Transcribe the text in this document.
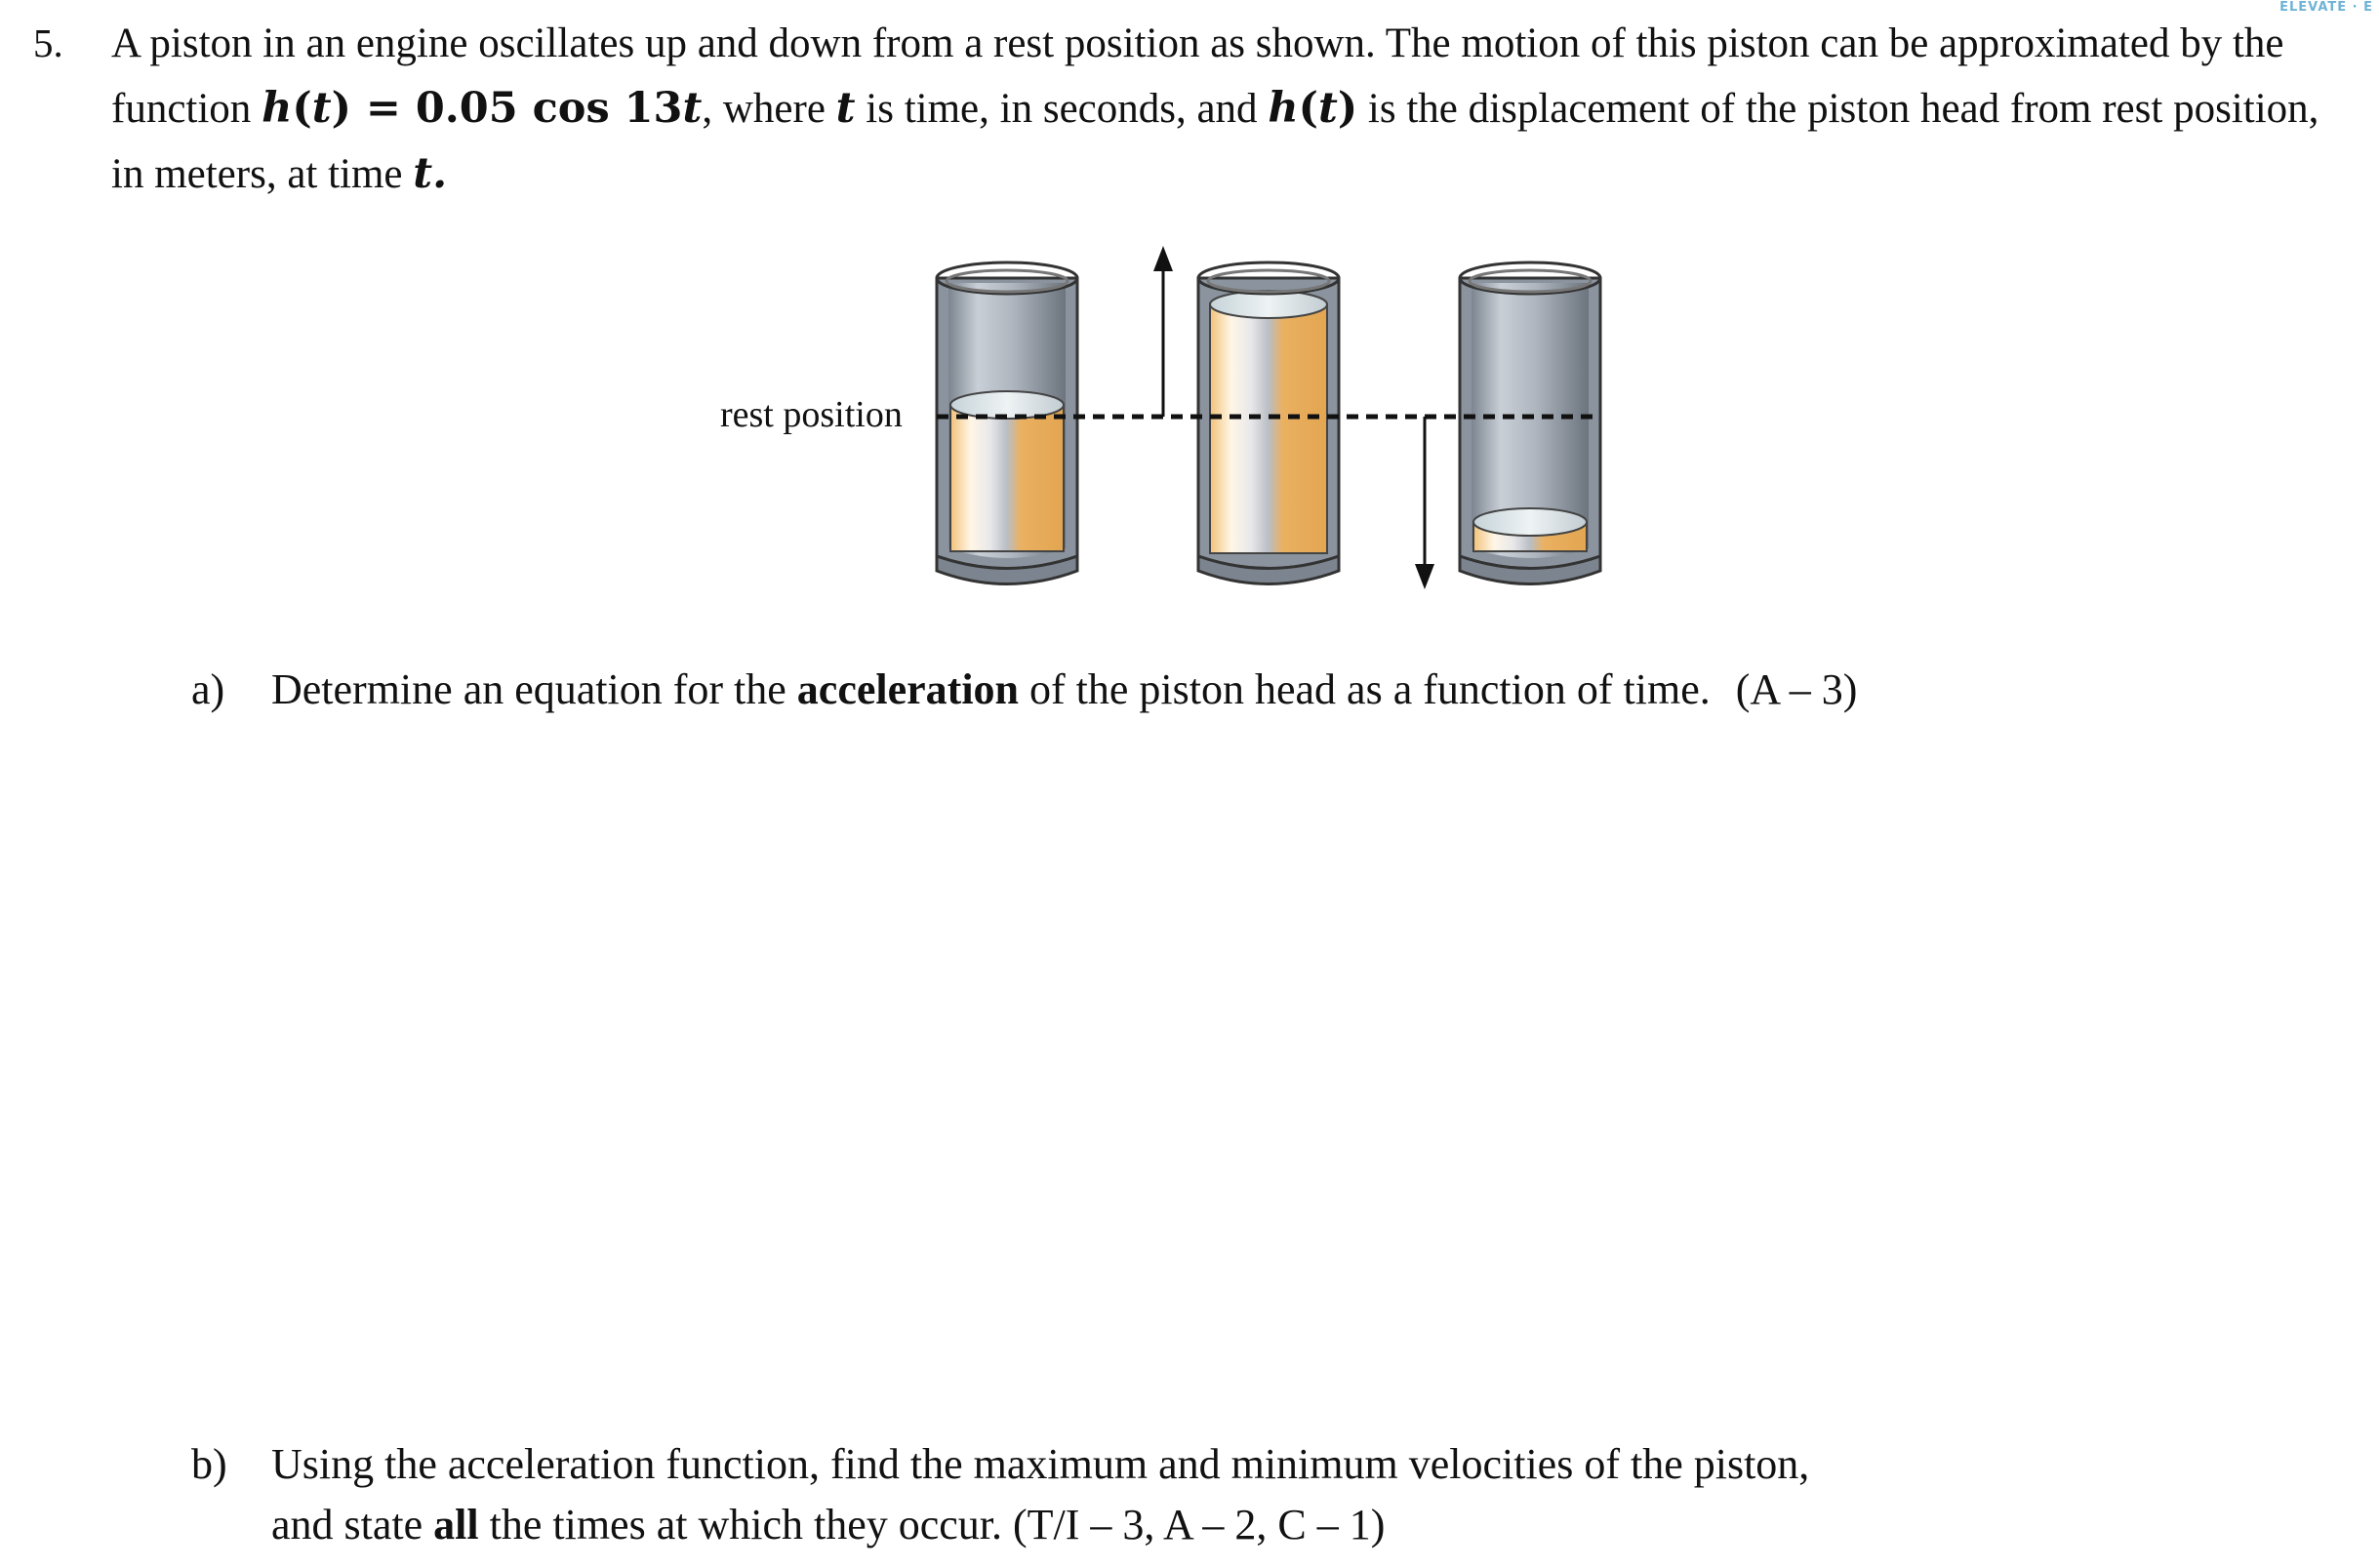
ELEVATE · E
5. A piston in an engine oscillates up and down from a rest position as shown. The motion of this piston can be approximated by the function h(t) = 0.05 cos 13t, where t is time, in seconds, and h(t) is the displacement of the piston head from rest position, in meters, at time t.
rest position
a) Determine an equation for the acceleration of the piston head as a function of time. (A – 3)
b) Using the acceleration function, find the maximum and minimum velocities of the piston,
and state all the times at which they occur. (T/I – 3, A – 2, C – 1)
